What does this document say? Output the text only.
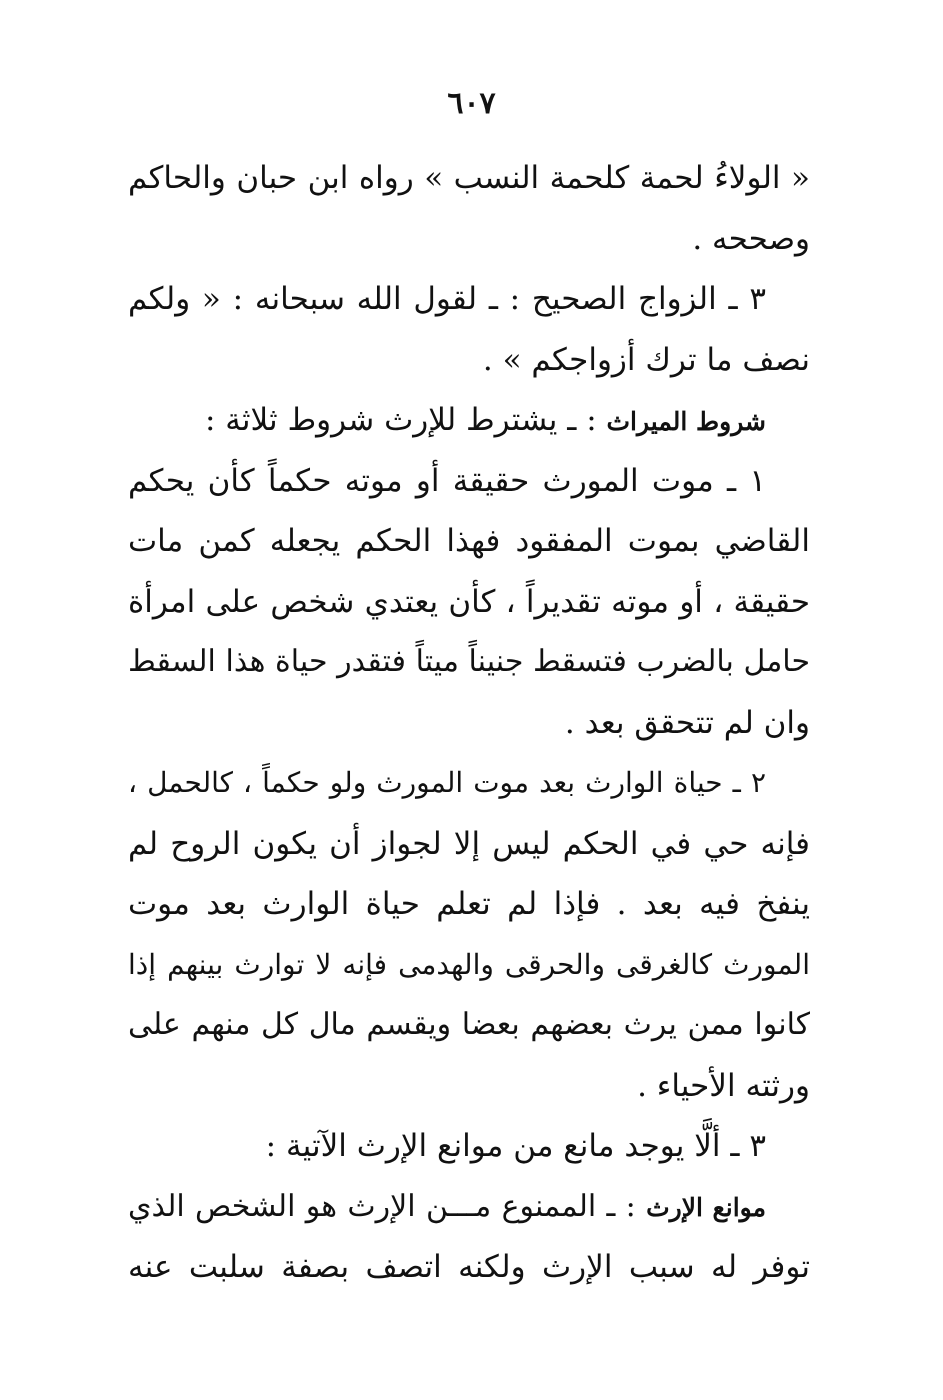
٦٠٧
« الولاءُ لحمة كلحمة النسب » رواه ابن حبان والحاكم
وصححه .
٣ ـ الزواج الصحيح : ـ لقول الله سبحانه : « ولكم
نصف ما ترك أزواجكم » .
شروط الميراث : ـ يشترط للإرث شروط ثلاثة :
١ ـ موت المورث حقيقة أو موته حكماً كأن يحكم
القاضي بموت المفقود فهذا الحكم يجعله كمن مات
حقيقة ، أو موته تقديراً ، كأن يعتدي شخص على امرأة
حامل بالضرب فتسقط جنيناً ميتاً فتقدر حياة هذا السقط
وان لم تتحقق بعد .
٢ ـ حياة الوارث بعد موت المورث ولو حكماً ، كالحمل ،
فإنه حي في الحكم ليس إلا لجواز أن يكون الروح لم
ينفخ فيه بعد . فإذا لم تعلم حياة الوارث بعد موت
المورث كالغرقى والحرقى والهدمى فإنه لا توارث بينهم إذا
كانوا ممن يرث بعضهم بعضا ويقسم مال كل منهم على
ورثته الأحياء .
٣ ـ ألَّا يوجد مانع من موانع الإرث الآتية :
موانع الإرث : ـ الممنوع مـــن الإرث هو الشخص الذي
توفر له سبب الإرث ولكنه اتصف بصفة سلبت عنه
